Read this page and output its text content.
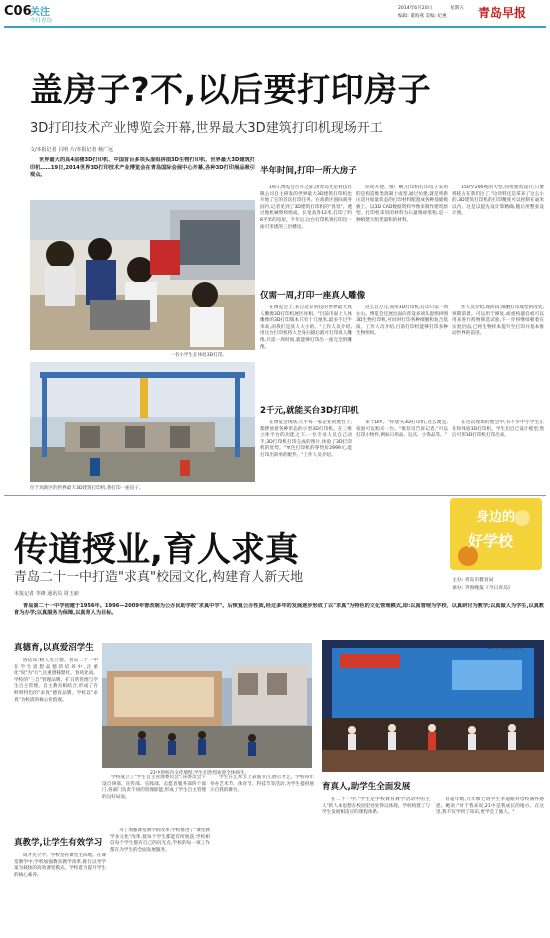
C06
关注
今日青岛
2014年6月20日	星期五
编辑: 董海燕 美编: 纪惠	青岛早报
盖房子?不,以后要打印房子
3D打印技术产业博览会开幕,世界最大3D建筑打印机现场开工
文/本报记者 吕明 片/本报记者 杨广远

世界最大的具4层楼3D打印机、中国首台多项头混组拼图3D生物打印机、世界最大3D建筑打印机……19日,2014世界3D打印技术产业博览会在青岛国际会展中心开幕,各种3D打印展品吸引观众。

一名小学生在体验3D打印。
位于高新区的世界最大3D建筑打印机,将打印一座房子。
半年时间,打印一所大房子

19日,博览会召开之际,由青岛尤尼科技有限公司自主研发的世界最大3D建筑打印机也开始了它的首次打印任务。在高新区国际商务园内,记者见到了3D建筑打印机的"真容"。透过地机械臂将组成、长宽高各12米,打印了约8平米的房屋。半年后,这台打印机将打印出一座可米建的三层楼房。

你说开建、推广啊,打印机打印房子采用的是构造维类混凝土成型,通过仿建,就是将新压适并加量状态的打印材料配置成各种基础模板上。以3D CAD数据资料导像来制作建筑原型。打印机采用的材料为石量维砂浆粉,是一种相建大组类量和的材料。

150至200吨的大型,同用建筑设计,只要将耗占在我们这了,"这块料还是拿来了这么小的,3D建筑打印机的打印精度可以控制在毫米以内。这是以提先设计算精确,随后用整张设计图。

仅需一周,打印一座真人雕像

在博览会上,来自北京科技的世界最大真人雕像3D打印机展区亮相。"目前市面上人体雕像的3D打印版本只有十几厘米,最多不过半米高,而我们是真人大小的。"工作人员介绍,用这台打印机将人全身扫描后就可打印真人雕像,只需一周时间,就能够打印出一座完全的雕像。

这么自万元,而用3D打印机,打印只需一周左右。博览会还展出面向普设多项头混组拼图3D生物打印机,可同时打印各种细胞和复合基质。工作人员介绍,目前打印机能够打印多种生物组织。

作人员介绍,现阶段,细胞打印成型的改装,预期前景。可以用于修复,或重构器官或可以用来进行药物筛选试验,下一步将继续朝着在实验层面,已将生物样本提升至打印并基本推动世界的前进。

2千元,就能买台3D打印机

在博览会现场,几乎每一家企业的展台上,都摆放着各种形态的小型3D打印机。在三维立体平台的功能之下,一位专业人员自己动手,3D打印机打印完成的图片,体验了3D打印机的优势。"单色打印机的零售价2999元,能打印出简单的配件。"工作人员介绍。

来个DIY。"你想买3D打印机,这么便宜,家庭可以购买一台。"推荐员告诉记者,"可以打印小物件,例如日用品、玩具、小饰品等。"

在这次现场的展会中,有不少中小学生正在和体验3D打印机。学生们自已设计模型,然后可用3D打印机打印出来。

传道授业,育人求真
青岛二十一中打造"求真"校园文化,构建育人新天地
本报记者 李锋 通讯员 周玉丽
身边的
好学校
主办: 青岛市教育局
承办: 齐鲁晚报《今日青岛》

青岛第二十一中学创建于1956年。1996—2009年曾改制为公办民助学校"求真中学"。后恢复公办性质,经过多年的发展逐步形成了以"求真"为特色的文化管理模式,即:以真管理为学校、以真研讨为教学;以真做人为学生,以真教育为办学;以真服务为保障,以真育人为目标。

真德育,以真爱沼学生

俗话说:树人先立德。青岛二十一中在学生思想品德的培养中,注重化"说"为"行",注重潜移默化、春风化雨。学校的"三自"管理品牌、扩日常管理与学生自主管理、自主教育相结合,形成了有鲜明特色的"求真"德育品牌。学校以"求真"为校训的核心价值观。

21中的校内文化墙壁,学生们热烈欢迎全体师生。
21中校园艺术节。

学校成立了"学生自主管理委员会",该委员会下设自律部、宣传部、实践部、志愿者服务部四个部门,各部门负责不同的管理职能,形成了学生自主管理的良好局面。

学生在艺术节上表演节目,展示才艺。学校每年举办艺术节、体育节、科技节等活动,为学生提供展示自我的舞台。

真教学,让学生有效学习

成才先立学。学校坚持课堂主阵地。在课堂教学中,学校加强教育教学改革,推行以导学案为载体的高效课堂模式。学校着力提升学生的核心素养。

为了加强课堂教学的改革,学校推进了"课堂教学多元化"改革,使每个学生都能有所收获,学校相信每个学生都有自己的闪光点,学校的每一项工作都在为学生的全面发展服务。

育真人,助学生全面发展

在二十一中,"学生是学校教育教学活动中的主人"的人本思想在校园里处处得以体现。学校构建了与学生发展相适应的课程体系。

育超年级,九年级七班学生李迪跟对母校满怀感恩。她说:"对于我来说,21中是我成长的地方。在这里,我不仅学到了知识,更学会了做人。"
